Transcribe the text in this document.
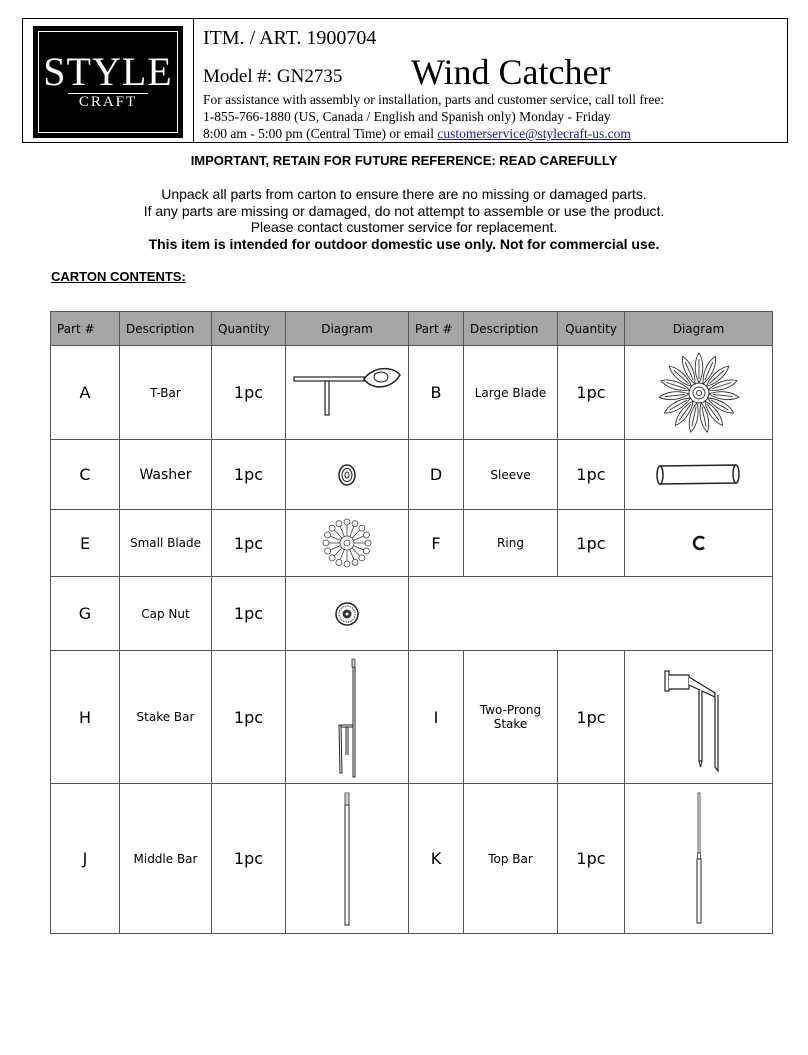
STYLE
CRAFT
ITM. / ART. 1900704
Model #: GN2735 Wind Catcher
For assistance with assembly or installation, parts and customer service, call toll free:
1-855-766-1880 (US, Canada / English and Spanish only) Monday - Friday
8:00 am - 5:00 pm (Central Time) or email customerservice@stylecraft-us.com
IMPORTANT, RETAIN FOR FUTURE REFERENCE: READ CAREFULLY
Unpack all parts from carton to ensure there are no missing or damaged parts.
If any parts are missing or damaged, do not attempt to assemble or use the product.
Please contact customer service for replacement.
This item is intended for outdoor domestic use only. Not for commercial use.
CARTON CONTENTS:
Part #	Description	Quantity	Diagram	Part #	Description	Quantity	Diagram
A	T-Bar	1pc		B	Large Blade	1pc	

C	Washer	1pc		D	Sleeve	1pc	

E	Small Blade	1pc		F	Ring	1pc	

G	Cap Nut	1pc	

H	Stake Bar	1pc		I	Two-Prong Stake	1pc	

J	Middle Bar	1pc		K	Top Bar	1pc	
